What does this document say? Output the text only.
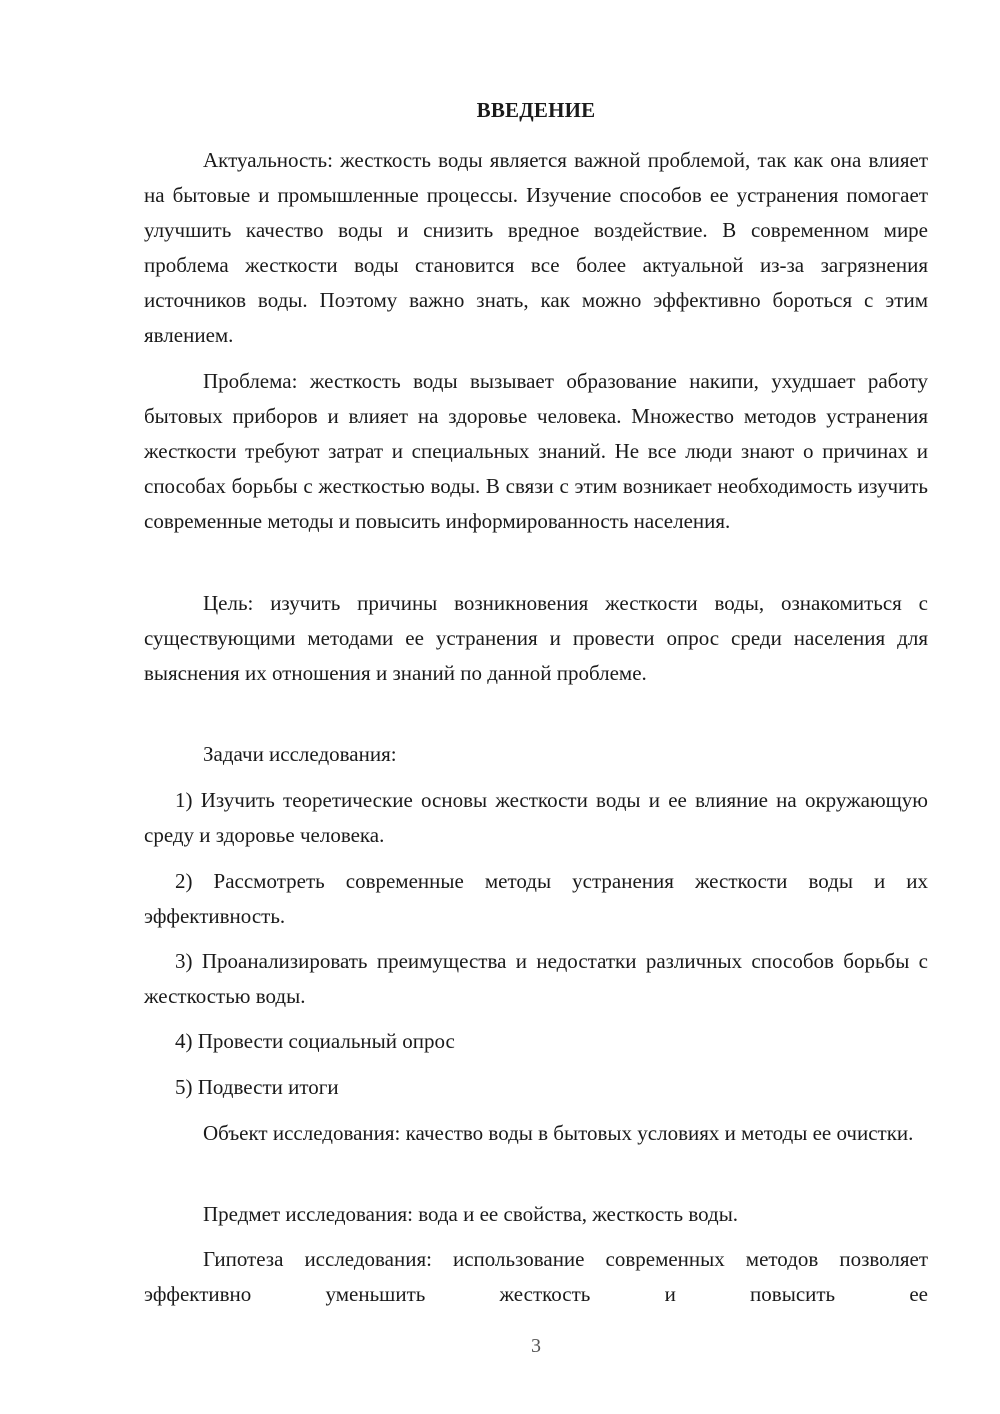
ВВЕДЕНИЕ
Актуальность: жесткость воды является важной проблемой, так как она влияет на бытовые и промышленные процессы. Изучение способов ее устранения помогает улучшить качество воды и снизить вредное воздействие. В современном мире проблема жесткости воды становится все более актуальной из-за загрязнения источников воды. Поэтому важно знать, как можно эффективно бороться с этим явлением.
Проблема: жесткость воды вызывает образование накипи, ухудшает работу бытовых приборов и влияет на здоровье человека. Множество методов устранения жесткости требуют затрат и специальных знаний. Не все люди знают о причинах и способах борьбы с жесткостью воды. В связи с этим возникает необходимость изучить современные методы и повысить информированность населения.
Цель: изучить причины возникновения жесткости воды, ознакомиться с существующими методами ее устранения и провести опрос среди населения для выяснения их отношения и знаний по данной проблеме.
Задачи исследования:
1) Изучить теоретические основы жесткости воды и ее влияние на окружающую среду и здоровье человека.
2) Рассмотреть современные методы устранения жесткости воды и их эффективность.
3) Проанализировать преимущества и недостатки различных способов борьбы с жесткостью воды.
4) Провести социальный опрос
5) Подвести итоги
Объект исследования: качество воды в бытовых условиях и методы ее очистки.
Предмет исследования: вода и ее свойства, жесткость воды.
Гипотеза исследования: использование современных методов позволяет эффективно уменьшить жесткость и повысить ее
3
